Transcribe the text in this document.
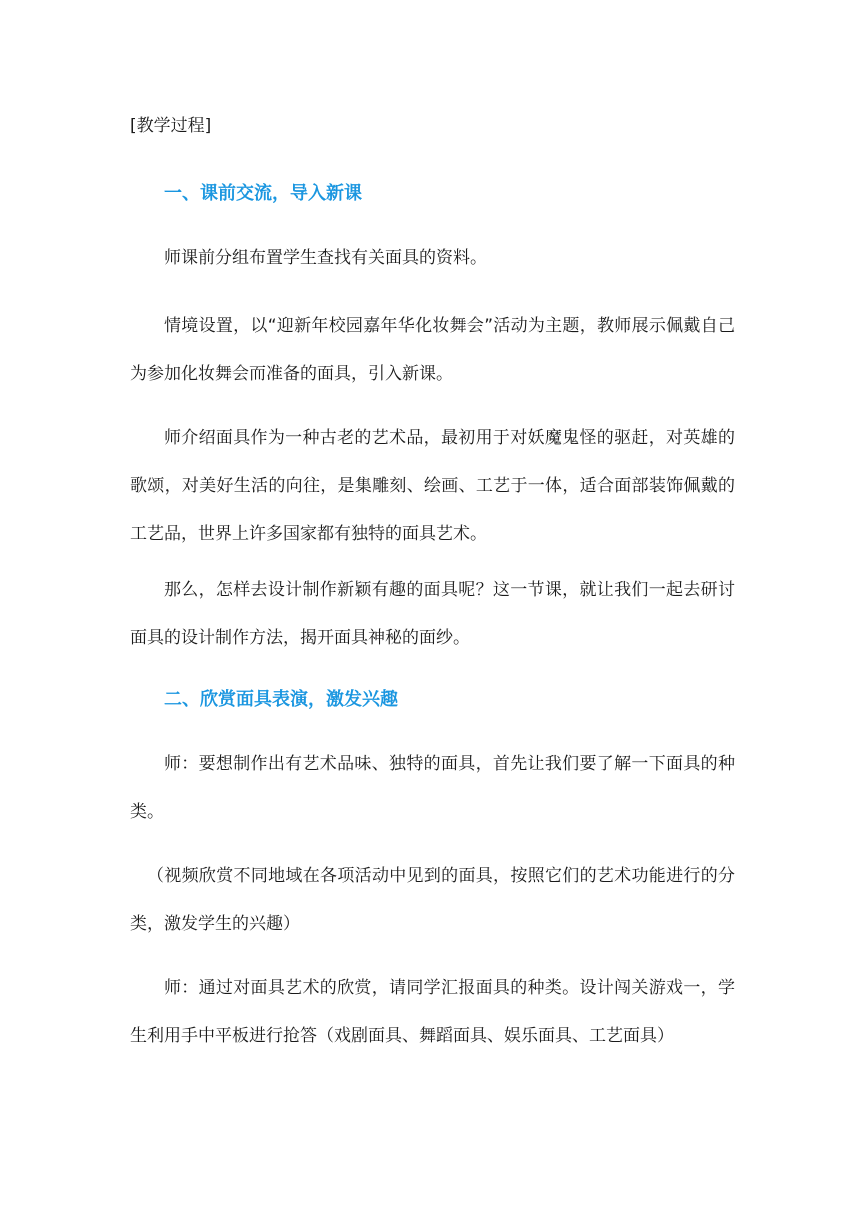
[教学过程]
一、课前交流，导入新课

师课前分组布置学生查找有关面具的资料。

情境设置，以“迎新年校园嘉年华化妆舞会”活动为主题，教师展示佩戴自己为参加化妆舞会而准备的面具，引入新课。

师介绍面具作为一种古老的艺术品，最初用于对妖魔鬼怪的驱赶，对英雄的歌颂，对美好生活的向往，是集雕刻、绘画、工艺于一体，适合面部装饰佩戴的工艺品，世界上许多国家都有独特的面具艺术。

那么，怎样去设计制作新颖有趣的面具呢？这一节课，就让我们一起去研讨面具的设计制作方法，揭开面具神秘的面纱。

二、欣赏面具表演，激发兴趣

师：要想制作出有艺术品味、独特的面具，首先让我们要了解一下面具的种类。

（视频欣赏不同地域在各项活动中见到的面具，按照它们的艺术功能进行的分类，激发学生的兴趣）

师：通过对面具艺术的欣赏，请同学汇报面具的种类。设计闯关游戏一，学生利用手中平板进行抢答（戏剧面具、舞蹈面具、娱乐面具、工艺面具）
